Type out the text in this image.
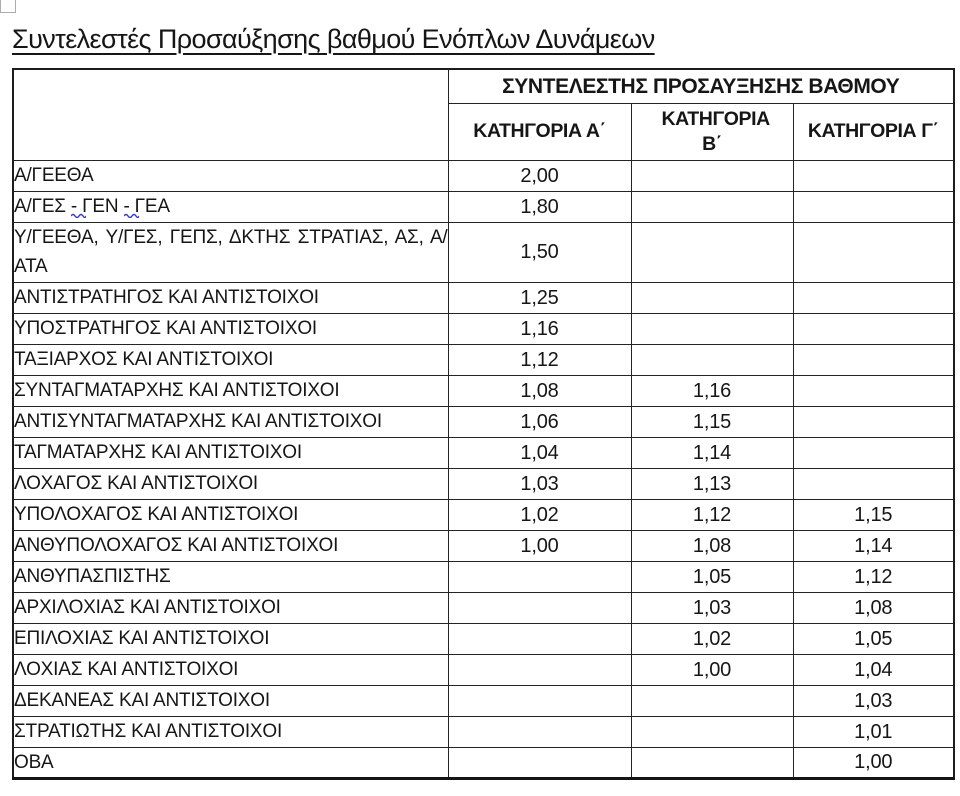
Συντελεστές Προσαύξησης βαθμού Ενόπλων Δυνάμεων
	ΣΥΝΤΕΛΕΣΤΗΣ ΠΡΟΣΑΥΞΗΣΗΣ ΒΑΘΜΟΥ		
	ΚΑΤΗΓΟΡΙΑ Α΄	ΚΑΤΗΓΟΡΙΑ Β΄	ΚΑΤΗΓΟΡΙΑ Γ΄
Α/ΓΕΕΘΑ	2,00		
Α/ΓΕΣ - ΓΕΝ - ΓΕΑ	1,80		
Υ/ΓΕΕΘΑ, Υ/ΓΕΣ, ΓΕΠΣ, ΔΚΤΗΣ ΣΤΡΑΤΙΑΣ, ΑΣ, Α/ΑΤΑ	1,50		
ΑΝΤΙΣΤΡΑΤΗΓΟΣ ΚΑΙ ΑΝΤΙΣΤΟΙΧΟΙ	1,25		
ΥΠΟΣΤΡΑΤΗΓΟΣ ΚΑΙ ΑΝΤΙΣΤΟΙΧΟΙ	1,16		
ΤΑΞΙΑΡΧΟΣ ΚΑΙ ΑΝΤΙΣΤΟΙΧΟΙ	1,12		
ΣΥΝΤΑΓΜΑΤΑΡΧΗΣ ΚΑΙ ΑΝΤΙΣΤΟΙΧΟΙ	1,08	1,16	
ΑΝΤΙΣΥΝΤΑΓΜΑΤΑΡΧΗΣ ΚΑΙ ΑΝΤΙΣΤΟΙΧΟΙ	1,06	1,15	
ΤΑΓΜΑΤΑΡΧΗΣ ΚΑΙ ΑΝΤΙΣΤΟΙΧΟΙ	1,04	1,14	
ΛΟΧΑΓΟΣ ΚΑΙ ΑΝΤΙΣΤΟΙΧΟΙ	1,03	1,13	
ΥΠΟΛΟΧΑΓΟΣ ΚΑΙ ΑΝΤΙΣΤΟΙΧΟΙ	1,02	1,12	1,15
ΑΝΘΥΠΟΛΟΧΑΓΟΣ ΚΑΙ ΑΝΤΙΣΤΟΙΧΟΙ	1,00	1,08	1,14
ΑΝΘΥΠΑΣΠΙΣΤΗΣ		1,05	1,12
ΑΡΧΙΛΟΧΙΑΣ ΚΑΙ ΑΝΤΙΣΤΟΙΧΟΙ		1,03	1,08
ΕΠΙΛΟΧΙΑΣ ΚΑΙ ΑΝΤΙΣΤΟΙΧΟΙ		1,02	1,05
ΛΟΧΙΑΣ ΚΑΙ ΑΝΤΙΣΤΟΙΧΟΙ		1,00	1,04
ΔΕΚΑΝΕΑΣ ΚΑΙ ΑΝΤΙΣΤΟΙΧΟΙ			1,03
ΣΤΡΑΤΙΩΤΗΣ ΚΑΙ ΑΝΤΙΣΤΟΙΧΟΙ			1,01
ΟΒΑ			1,00
